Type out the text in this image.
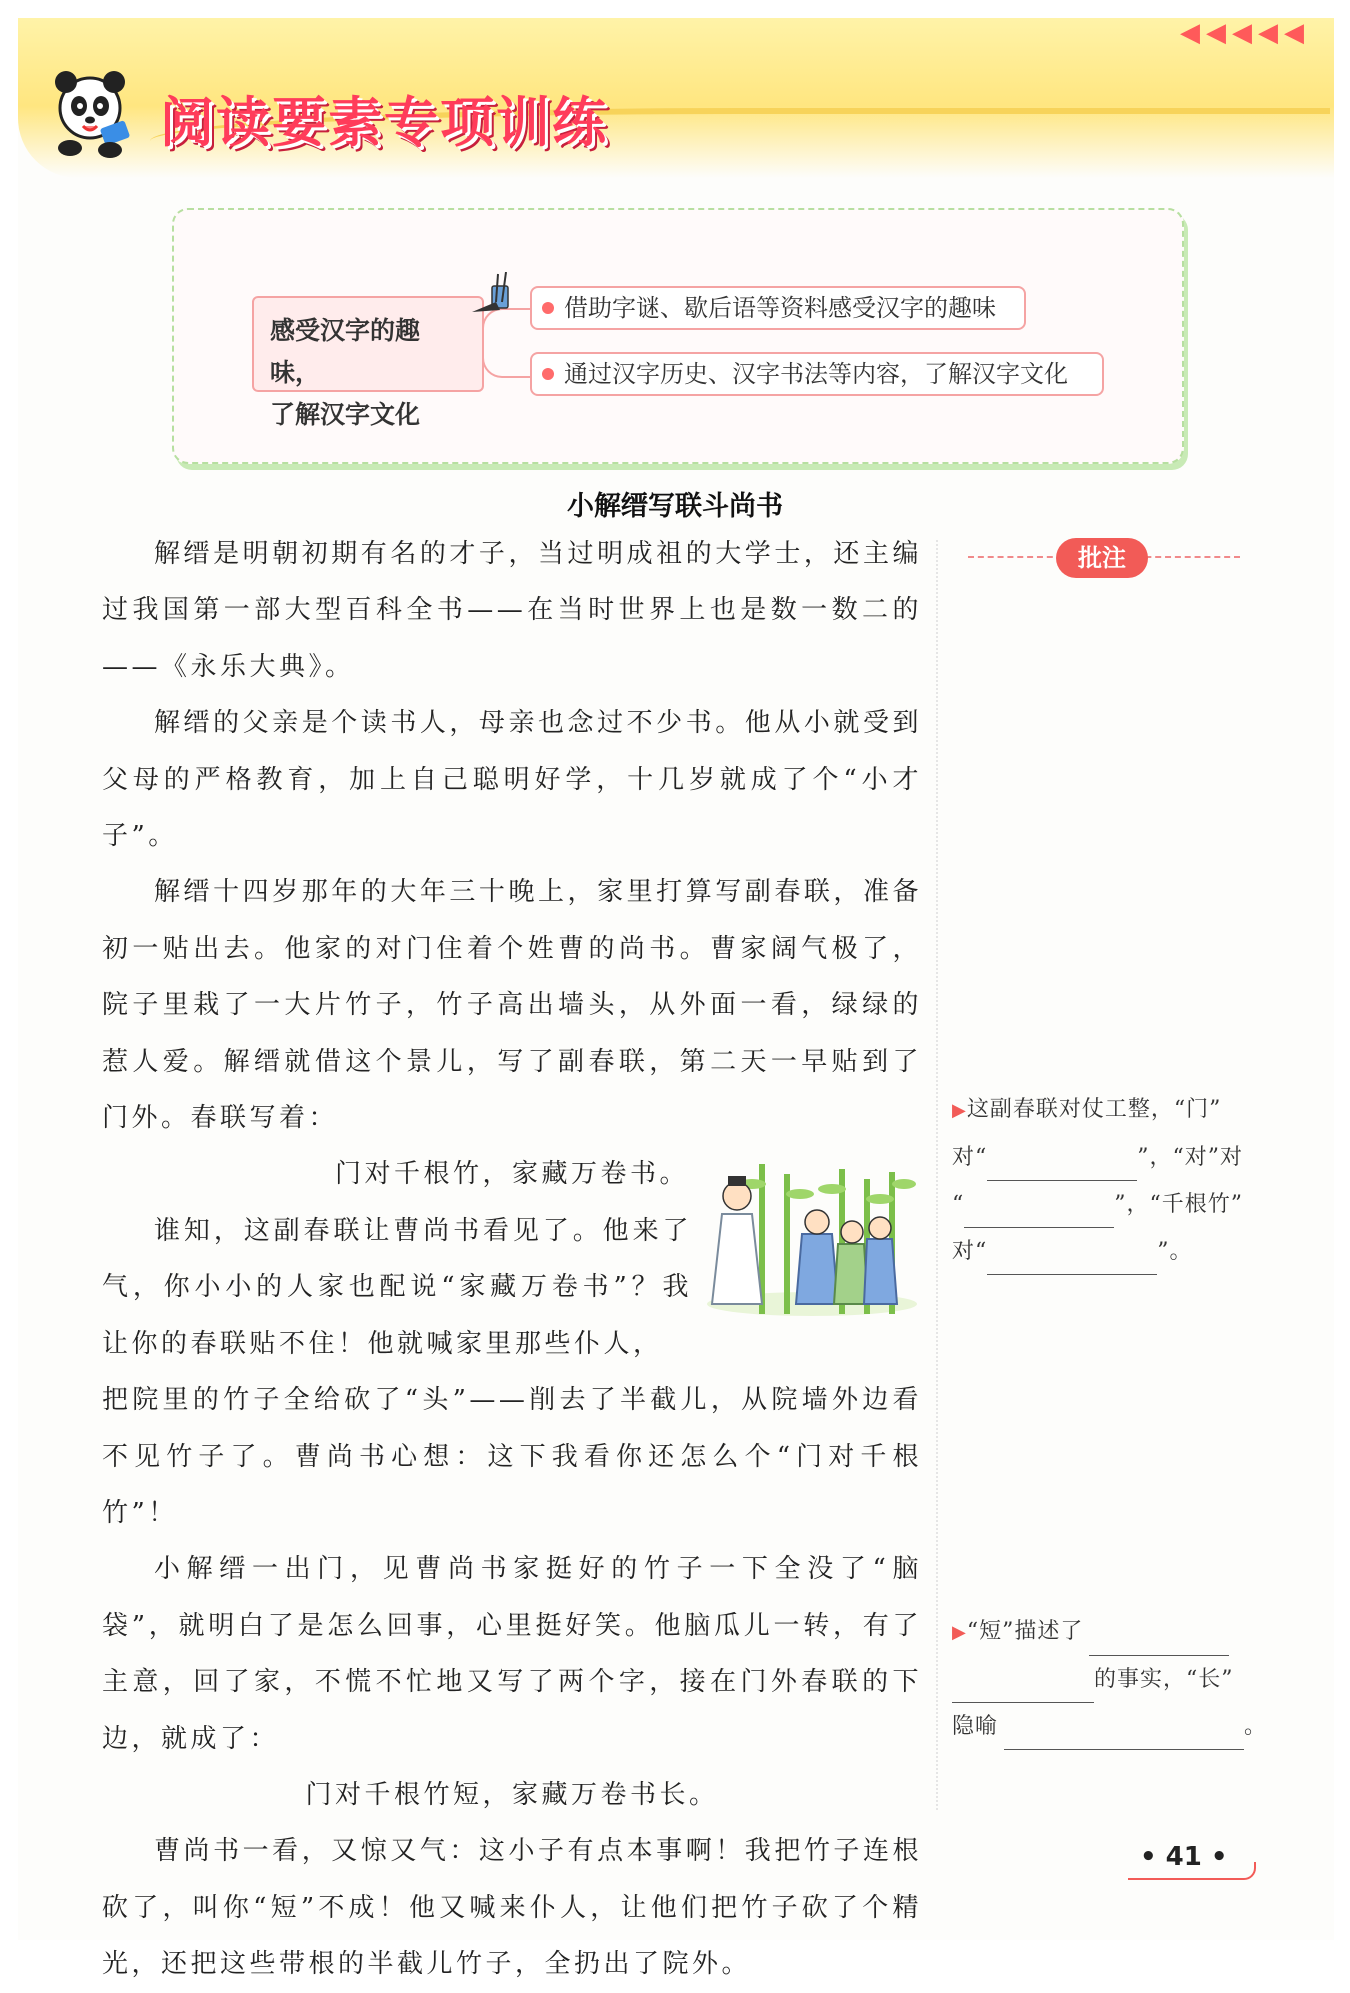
◀◀◀◀◀
阅读要素专项训练
感受汉字的趣味，
了解汉字文化
借助字谜、歇后语等资料感受汉字的趣味
通过汉字历史、汉字书法等内容，了解汉字文化
小解缙写联斗尚书

解缙是明朝初期有名的才子，当过明成祖的大学士，还主编过我国第一部大型百科全书——在当时世界上也是数一数二的——《永乐大典》。

解缙的父亲是个读书人，母亲也念过不少书。他从小就受到父母的严格教育，加上自己聪明好学，十几岁就成了个“小才子”。

解缙十四岁那年的大年三十晚上，家里打算写副春联，准备初一贴出去。他家的对门住着个姓曹的尚书。曹家阔气极了，院子里栽了一大片竹子，竹子高出墙头，从外面一看，绿绿的惹人爱。解缙就借这个景儿，写了副春联，第二天一早贴到了门外。春联写着：

门对千根竹，家藏万卷书。

谁知，这副春联让曹尚书看见了。他来了气，你小小的人家也配说“家藏万卷书”？我让你的春联贴不住！他就喊家里那些仆人，

把院里的竹子全给砍了“头”——削去了半截儿，从院墙外边看不见竹子了。曹尚书心想：这下我看你还怎么个“门对千根竹”！

小解缙一出门，见曹尚书家挺好的竹子一下全没了“脑袋”，就明白了是怎么回事，心里挺好笑。他脑瓜儿一转，有了主意，回了家，不慌不忙地又写了两个字，接在门外春联的下边，就成了：

门对千根竹短，家藏万卷书长。

曹尚书一看，又惊又气：这小子有点本事啊！我把竹子连根砍了，叫你“短”不成！他又喊来仆人，让他们把竹子砍了个精光，还把这些带根的半截儿竹子，全扔出了院外。

批注
▶这副春联对仗工整，“门”
对“	”，“对”对
“	”，“千根竹”
对“	”。
▶“短”描述了
的事实，“长”
隐喻	。
• 41 •
